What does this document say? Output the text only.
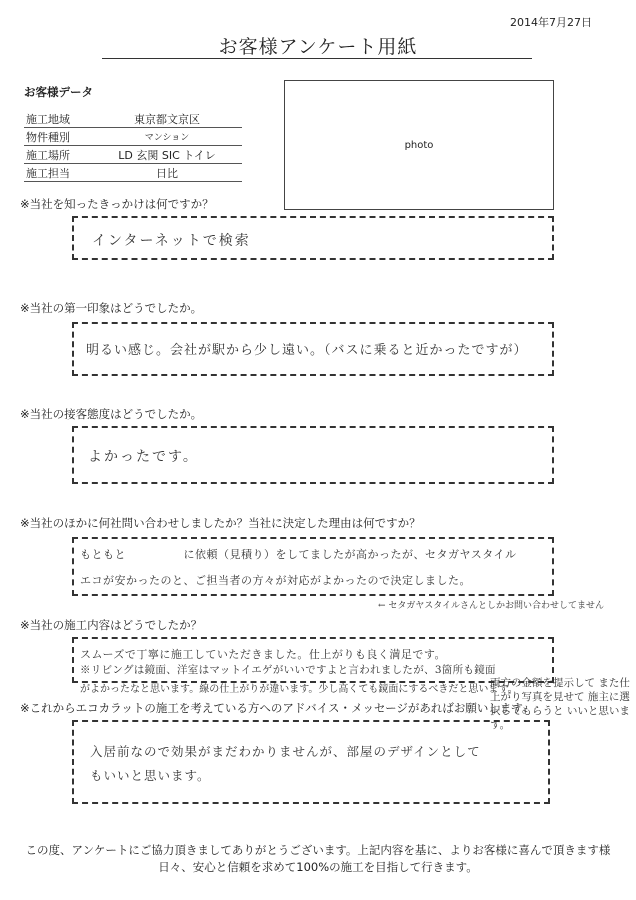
2014年7月27日
お客様アンケート用紙
お客様データ
施工地域	東京都文京区
物件種別	マンション
施工場所	LD 玄関 SIC トイレ
施工担当	日比
photo
※当社を知ったきっかけは何ですか？
インターネットで検索
※当社の第一印象はどうでしたか。
明るい感じ。会社が駅から少し遠い。（バスに乗ると近かったですが）
※当社の接客態度はどうでしたか。
よかったです。
※当社のほかに何社問い合わせしましたか？当社に決定した理由は何ですか？
もともと　　　　　に依頼（見積り）をしてましたが高かったが、セタガヤスタイル
エコが安かったのと、ご担当者の方々が対応がよかったので決定しました。
← セタガヤスタイルさんとしかお問い合わせしてません
※当社の施工内容はどうでしたか？
スムーズで丁寧に施工していただきました。仕上がりも良く満足です。
※リビングは鏡面、洋室はマットイエゲがいいですよと言われましたが、3箇所も鏡面
がよかったなと思います。線の仕上がりが違います。少し高くても鏡面にするべきだと思います。
※これからエコカラットの施工を考えている方へのアドバイス・メッセージがあればお願いします。
入居前なので効果がまだわかりませんが、部屋のデザインとして
もいいと思います。
両方の金額を提示して また仕上がり写真を見せて 施主に選択してもらうと いいと思います。
この度、アンケートにご協力頂きましてありがとうございます。上記内容を基に、よりお客様に喜んで頂きます様
日々、安心と信頼を求めて100%の施工を目指して行きます。
